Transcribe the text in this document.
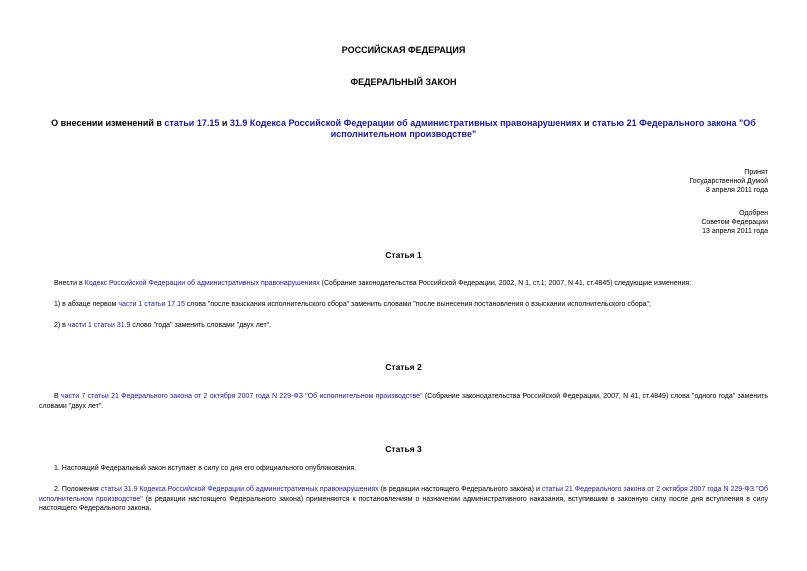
РОССИЙСКАЯ ФЕДЕРАЦИЯ
ФЕДЕРАЛЬНЫЙ ЗАКОН
О внесении изменений в статьи 17.15 и 31.9 Кодекса Российской Федерации об административных правонарушениях и статью 21 Федерального закона "Об исполнительном производстве"
Принят
Государственной Думой
8 апреля 2011 года
Одобрен
Советом Федерации
13 апреля 2011 года
Статья 1
Внести в Кодекс Российской Федерации об административных правонарушениях (Собрание законодательства Российской Федерации, 2002, N 1, ст.1; 2007, N 41, ст.4845) следующие изменения:
1) в абзаце первом части 1 статьи 17.15 слова "после взыскания исполнительского сбора" заменить словами "после вынесения постановления о взыскании исполнительского сбора";
2) в части 1 статьи 31.9 слово "года" заменить словами "двух лет".
Статья 2
В части 7 статьи 21 Федерального закона от 2 октября 2007 года N 229-ФЗ "Об исполнительном производстве" (Собрание законодательства Российской Федерации, 2007, N 41, ст.4849) слова "одного года" заменить словами "двух лет".
Статья 3
1. Настоящий Федеральный закон вступает в силу со дня его официального опубликования.
2. Положения статьи 31.9 Кодекса Российской Федерации об административных правонарушениях (в редакции настоящего Федерального закона) и статьи 21 Федерального закона от 2 октября 2007 года N 229-ФЗ "Об исполнительном производстве" (в редакции настоящего Федерального закона) применяются к постановлениям о назначении административного наказания, вступившим в законную силу после дня вступления в силу настоящего Федерального закона.
